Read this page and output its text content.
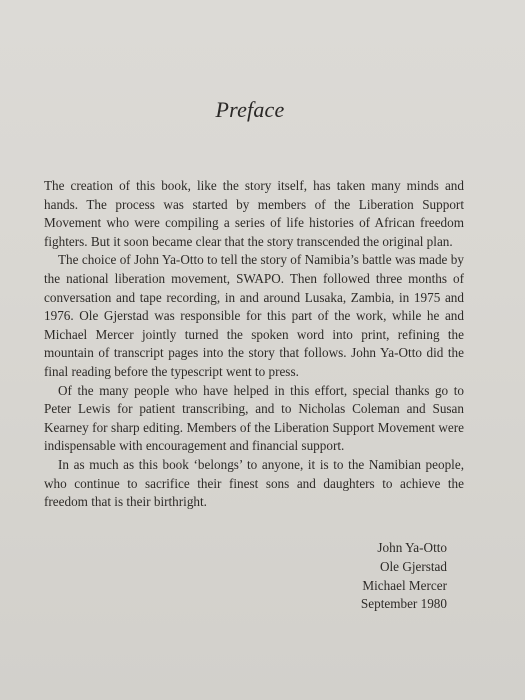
Preface

The creation of this book, like the story itself, has taken many minds and hands. The process was started by members of the Liberation Support Movement who were compiling a series of life histories of African freedom fighters. But it soon became clear that the story transcended the original plan.

The choice of John Ya-Otto to tell the story of Namibia’s battle was made by the national liberation movement, SWAPO. Then followed three months of conversation and tape recording, in and around Lusaka, Zambia, in 1975 and 1976. Ole Gjerstad was responsible for this part of the work, while he and Michael Mercer jointly turned the spoken word into print, refining the mountain of transcript pages into the story that follows. John Ya-Otto did the final reading before the typescript went to press.

Of the many people who have helped in this effort, special thanks go to Peter Lewis for patient transcribing, and to Nicholas Coleman and Susan Kearney for sharp editing. Members of the Liberation Support Movement were indispensable with encouragement and financial support.

In as much as this book ‘belongs’ to anyone, it is to the Namibian people, who continue to sacrifice their finest sons and daughters to achieve the freedom that is their birthright.

John Ya-Otto
Ole Gjerstad
Michael Mercer
September 1980
